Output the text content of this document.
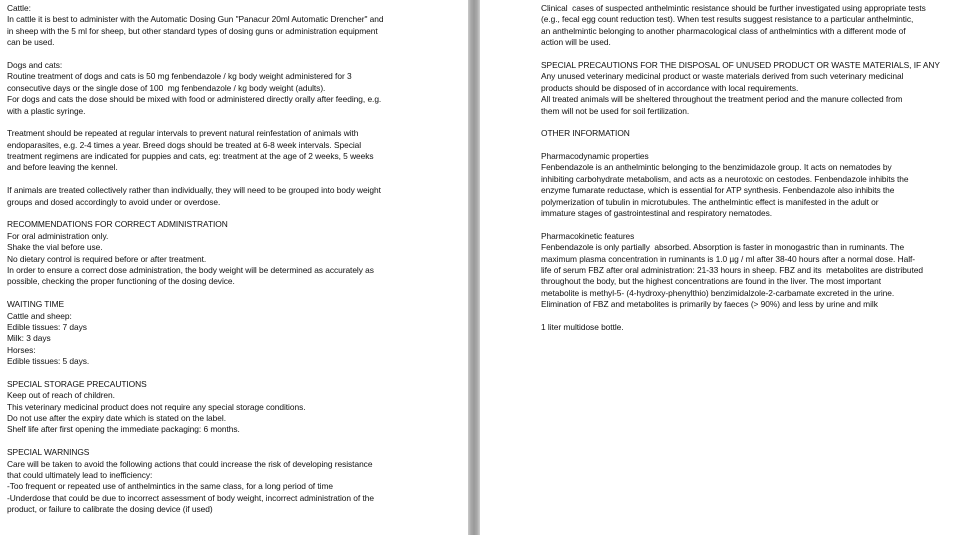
Cattle:
In cattle it is best to administer with the Automatic Dosing Gun "Panacur 20ml Automatic Drencher" and
in sheep with the 5 ml for sheep, but other standard types of dosing guns or administration equipment
can be used.
Dogs and cats:
Routine treatment of dogs and cats is 50 mg fenbendazole / kg body weight administered for 3
consecutive days or the single dose of 100  mg fenbendazole / kg body weight (adults).
For dogs and cats the dose should be mixed with food or administered directly orally after feeding, e.g.
with a plastic syringe.
Treatment should be repeated at regular intervals to prevent natural reinfestation of animals with
endoparasites, e.g. 2-4 times a year. Breed dogs should be treated at 6-8 week intervals. Special
treatment regimens are indicated for puppies and cats, eg: treatment at the age of 2 weeks, 5 weeks
and before leaving the kennel.
If animals are treated collectively rather than individually, they will need to be grouped into body weight
groups and dosed accordingly to avoid under or overdose.
RECOMMENDATIONS FOR CORRECT ADMINISTRATION
For oral administration only.
Shake the vial before use.
No dietary control is required before or after treatment.
In order to ensure a correct dose administration, the body weight will be determined as accurately as
possible, checking the proper functioning of the dosing device.
WAITING TIME
Cattle and sheep:
Edible tissues: 7 days
Milk: 3 days
Horses:
Edible tissues: 5 days.
SPECIAL STORAGE PRECAUTIONS
Keep out of reach of children.
This veterinary medicinal product does not require any special storage conditions.
Do not use after the expiry date which is stated on the label.
Shelf life after first opening the immediate packaging: 6 months.
SPECIAL WARNINGS
Care will be taken to avoid the following actions that could increase the risk of developing resistance
that could ultimately lead to inefficiency:
-Too frequent or repeated use of anthelmintics in the same class, for a long period of time
-Underdose that could be due to incorrect assessment of body weight, incorrect administration of the
product, or failure to calibrate the dosing device (if used)
Clinical  cases of suspected anthelmintic resistance should be further investigated using appropriate tests
(e.g., fecal egg count reduction test). When test results suggest resistance to a particular anthelmintic,
an anthelmintic belonging to another pharmacological class of anthelmintics with a different mode of
action will be used.
SPECIAL PRECAUTIONS FOR THE DISPOSAL OF UNUSED PRODUCT OR WASTE MATERIALS, IF ANY
Any unused veterinary medicinal product or waste materials derived from such veterinary medicinal
products should be disposed of in accordance with local requirements.
All treated animals will be sheltered throughout the treatment period and the manure collected from
them will not be used for soil fertilization.
OTHER INFORMATION
Pharmacodynamic properties
Fenbendazole is an anthelmintic belonging to the benzimidazole group. It acts on nematodes by
inhibiting carbohydrate metabolism, and acts as a neurotoxic on cestodes. Fenbendazole inhibits the
enzyme fumarate reductase, which is essential for ATP synthesis. Fenbendazole also inhibits the
polymerization of tubulin in microtubules. The anthelmintic effect is manifested in the adult or
immature stages of gastrointestinal and respiratory nematodes.
Pharmacokinetic features
Fenbendazole is only partially  absorbed. Absorption is faster in monogastric than in ruminants. The
maximum plasma concentration in ruminants is 1.0 µg / ml after 38-40 hours after a normal dose. Half-
life of serum FBZ after oral administration: 21-33 hours in sheep. FBZ and its  metabolites are distributed
throughout the body, but the highest concentrations are found in the liver. The most important
metabolite is methyl-5- (4-hydroxy-phenylthio) benzimidalzole-2-carbamate excreted in the urine.
Elimination of FBZ and metabolites is primarily by faeces (> 90%) and less by urine and milk
1 liter multidose bottle.
